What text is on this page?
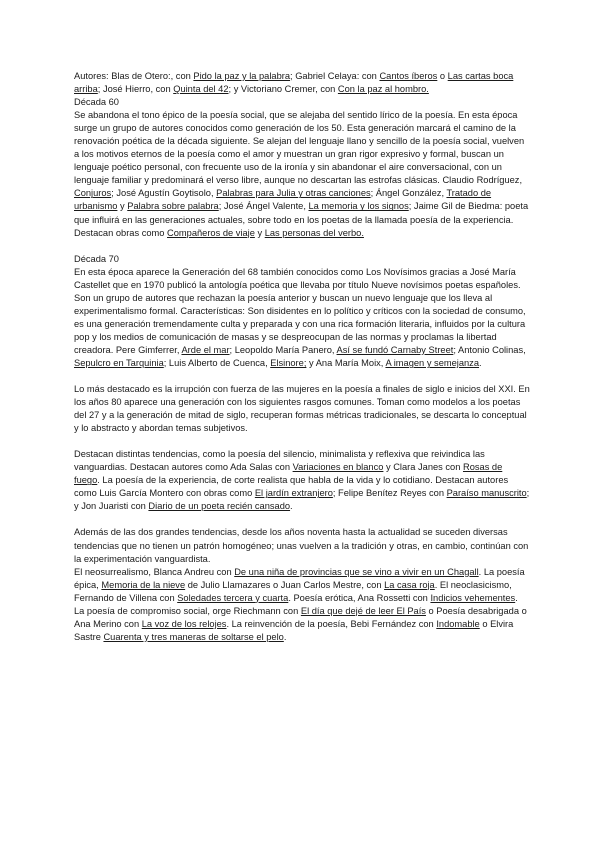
Autores: Blas de Otero:, con Pido la paz y la palabra; Gabriel Celaya: con Cantos íberos o Las cartas boca arriba; José Hierro, con Quinta del 42; y Victoriano Cremer, con Con la paz al hombro.

Década 60

Se abandona el tono épico de la poesía social, que se alejaba del sentido lírico de la poesía. En esta época surge un grupo de autores conocidos como generación de los 50. Esta generación marcará el camino de la renovación poética de la década siguiente. Se alejan del lenguaje llano y sencillo de la poesía social, vuelven a los motivos eternos de la poesía como el amor y muestran un gran rigor expresivo y formal, buscan un lenguaje poético personal, con frecuente uso de la ironía y sin abandonar el aire conversacional, con un lenguaje familiar y predominará el verso libre, aunque no descartan las estrofas clásicas. Claudio Rodríguez, Conjuros; José Agustín Goytisolo, Palabras para Julia y otras canciones; Ángel González, Tratado de urbanismo y Palabra sobre palabra; José Ángel Valente, La memoria y los signos; Jaime Gil de Biedma: poeta que influirá en las generaciones actuales, sobre todo en los poetas de la llamada poesía de la experiencia. Destacan obras como Compañeros de viaje y Las personas del verbo.

Década 70

En esta época aparece la Generación del 68 también conocidos como Los Novísimos gracias a José María Castellet que en 1970 publicó la antología poética que llevaba por título Nueve novísimos poetas españoles. Son un grupo de autores que rechazan la poesía anterior y buscan un nuevo lenguaje que los lleva al experimentalismo formal. Características: Son disidentes en lo político y críticos con la sociedad de consumo, es una generación tremendamente culta y preparada y con una rica formación literaria, influidos por la cultura pop y los medios de comunicación de masas y se despreocupan de las normas y proclamas la libertad creadora. Pere Gimferrer, Arde el mar; Leopoldo María Panero, Así se fundó Carnaby Street; Antonio Colinas, Sepulcro en Tarquinia; Luis Alberto de Cuenca, Elsinore; y Ana María Moix, A imagen y semejanza.

Lo más destacado es la irrupción con fuerza de las mujeres en la poesía a finales de siglo e inicios del XXI. En los años 80 aparece una generación con los siguientes rasgos comunes. Toman como modelos a los poetas del 27 y a la generación de mitad de siglo, recuperan formas métricas tradicionales, se descarta lo conceptual y lo abstracto y abordan temas subjetivos.

Destacan distintas tendencias, como la poesía del silencio, minimalista y reflexiva que reivindica las vanguardias. Destacan autores como Ada Salas con Variaciones en blanco y Clara Janes con Rosas de fuego. La poesía de la experiencia, de corte realista que habla de la vida y lo cotidiano. Destacan autores como Luis García Montero con obras como El jardín extranjero; Felipe Benítez Reyes con Paraíso manuscrito; y Jon Juaristi con Diario de un poeta recién cansado.

Además de las dos grandes tendencias, desde los años noventa hasta la actualidad se suceden diversas tendencias que no tienen un patrón homogéneo; unas vuelven a la tradición y otras, en cambio, continúan con la experimentación vanguardista.

El neosurrealismo, Blanca Andreu con De una niña de provincias que se vino a vivir en un Chagall. La poesía épica, Memoria de la nieve de Julio Llamazares o Juan Carlos Mestre, con La casa roja. El neoclasicismo, Fernando de Villena con Soledades tercera y cuarta. Poesía erótica, Ana Rossetti con Indicios vehementes. La poesía de compromiso social, orge Riechmann con El día que dejé de leer El País o Poesía desabrigada o Ana Merino con La voz de los relojes. La reinvención de la poesía, Bebi Fernández con Indomable o Elvira Sastre Cuarenta y tres maneras de soltarse el pelo.
